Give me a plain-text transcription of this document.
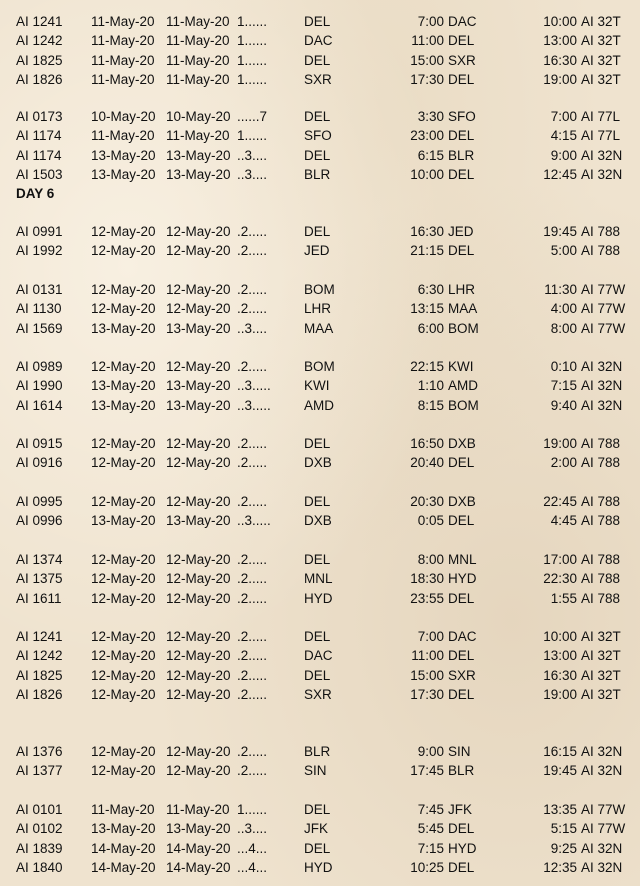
AI 1241 11-May-20 11-May-20 1......	DEL	7:00 DAC	10:00 AI 32T
AI 1242 11-May-20 11-May-20 1......	DAC	11:00 DEL	13:00 AI 32T
AI 1825 11-May-20 11-May-20 1......	DEL	15:00 SXR	16:30 AI 32T
AI 1826 11-May-20 11-May-20 1......	SXR	17:30 DEL	19:00 AI 32T
AI 0173 10-May-20 10-May-20 ......7	DEL	3:30 SFO	7:00 AI 77L
AI 1174 11-May-20 11-May-20 1......	SFO	23:00 DEL	4:15 AI 77L
AI 1174 13-May-20 13-May-20 ..3....	DEL	6:15 BLR	9:00 AI 32N
AI 1503 13-May-20 13-May-20 ..3....	BLR	10:00 DEL	12:45 AI 32N
DAY 6
AI 0991 12-May-20 12-May-20 .2.....	DEL	16:30 JED	19:45 AI 788
AI 1992 12-May-20 12-May-20 .2.....	JED	21:15 DEL	5:00 AI 788
AI 0131 12-May-20 12-May-20 .2.....	BOM	6:30 LHR	11:30 AI 77W
AI 1130 12-May-20 12-May-20 .2.....	LHR	13:15 MAA	4:00 AI 77W
AI 1569 13-May-20 13-May-20 ..3....	MAA	6:00 BOM	8:00 AI 77W
AI 0989 12-May-20 12-May-20 .2.....	BOM	22:15 KWI	0:10 AI 32N
AI 1990 13-May-20 13-May-20 ..3..... KWI	1:10 AMD	7:15 AI 32N
AI 1614 13-May-20 13-May-20 ..3..... AMD	8:15 BOM	9:40 AI 32N
AI 0915 12-May-20 12-May-20 .2.....	DEL	16:50 DXB	19:00 AI 788
AI 0916 12-May-20 12-May-20 .2.....	DXB	20:40 DEL	2:00 AI 788
AI 0995 12-May-20 12-May-20 .2.....	DEL	20:30 DXB	22:45 AI 788
AI 0996 13-May-20 13-May-20 ..3..... DXB	0:05 DEL	4:45 AI 788
AI 1374 12-May-20 12-May-20 .2.....	DEL	8:00 MNL	17:00 AI 788
AI 1375 12-May-20 12-May-20 .2.....	MNL	18:30 HYD	22:30 AI 788
AI 1611 12-May-20 12-May-20 .2.....	HYD	23:55 DEL	1:55 AI 788
AI 1241 12-May-20 12-May-20 .2.....	DEL	7:00 DAC	10:00 AI 32T
AI 1242 12-May-20 12-May-20 .2.....	DAC	11:00 DEL	13:00 AI 32T
AI 1825 12-May-20 12-May-20 .2.....	DEL	15:00 SXR	16:30 AI 32T
AI 1826 12-May-20 12-May-20 .2.....	SXR	17:30 DEL	19:00 AI 32T
AI 1376 12-May-20 12-May-20 .2.....	BLR	9:00 SIN	16:15 AI 32N
AI 1377 12-May-20 12-May-20 .2.....	SIN	17:45 BLR	19:45 AI 32N
AI 0101 11-May-20 11-May-20 1......	DEL	7:45 JFK	13:35 AI 77W
AI 0102 13-May-20 13-May-20 ..3....	JFK	5:45 DEL	5:15 AI 77W
AI 1839 14-May-20 14-May-20 ...4...	DEL	7:15 HYD	9:25 AI 32N
AI 1840 14-May-20 14-May-20 ...4...	HYD	10:25 DEL	12:35 AI 32N
